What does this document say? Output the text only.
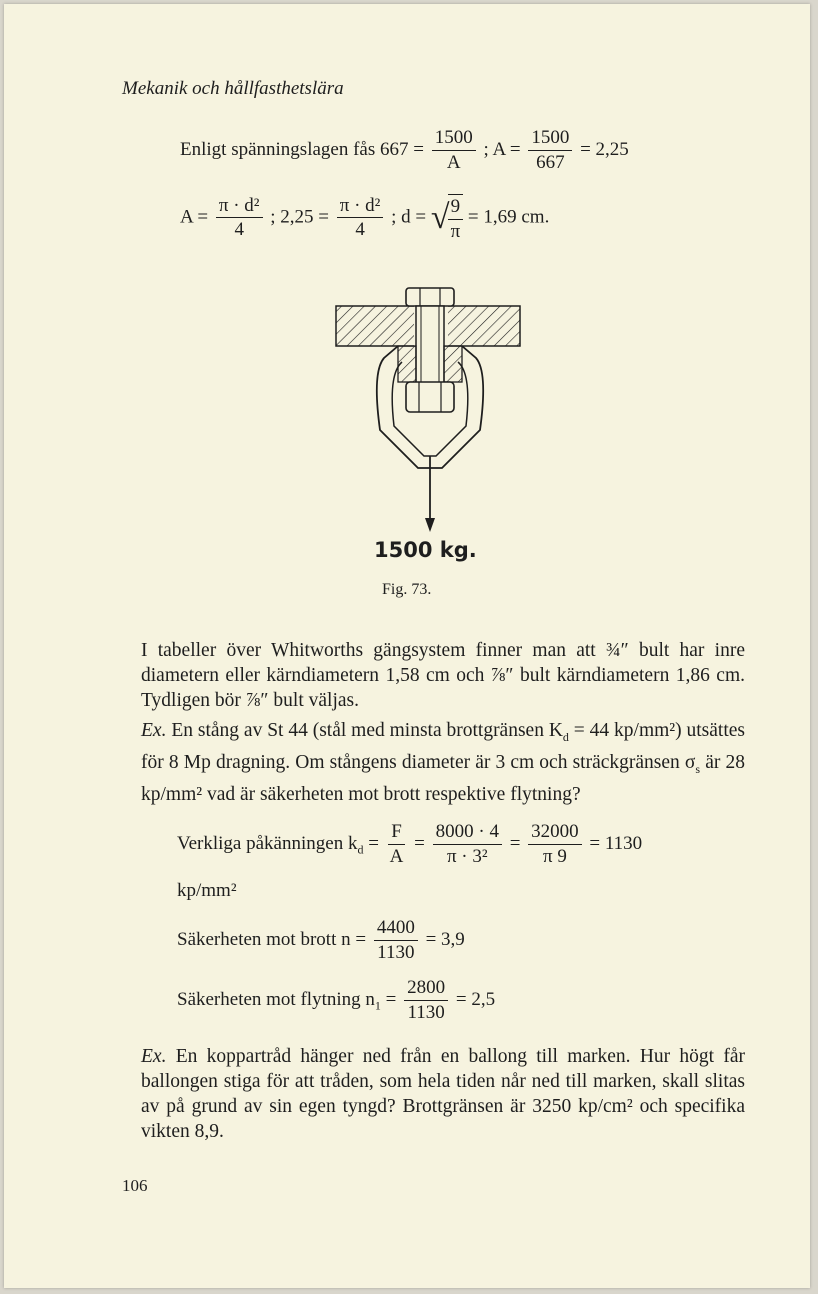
Mekanik och hållfasthetslära
Enligt spänningslagen fås $667 = \frac{1500}{A}$ ; $A = \frac{1500}{667} = 2,25$
$A = \frac{\text{π · d²}}{4}$ ; $2,25 = \frac{\text{π · d²}}{4}$ ; d = √
$\frac{9}{\pi} = 1,69$ cm.
1500 kg.
Fig. 73.
I tabeller över Whitworths gängsystem finner man att ¾″ bult har inre diametern eller kärndiametern 1,58 cm och ⅞″ bult kärndiametern 1,86 cm. Tydligen bör ⅞″ bult väljas.
Ex. En stång av St 44 (stål med minsta brottgränsen $K_d = 44$ kp/mm²) utsättes för 8 Mp dragning. Om stångens diameter är 3 cm och sträckgränsen $\sigma_s$ är 28 kp/mm² vad är säkerheten mot brott respektive flytning?
Verkliga påkänningen $k_d = \frac{F}{A} = \frac{8000 \cdot 4}{\text{π · 3²}} = \frac{32000}{\pi 9} = 1130$
kp/mm²
Säkerheten mot brott $n = \frac{4400}{1130} = 3,9$
Säkerheten mot flytning $n_1 = \frac{2800}{1130} = 2,5$
Ex. En koppartråd hänger ned från en ballong till marken. Hur högt får ballongen stiga för att tråden, som hela tiden når ned till marken, skall slitas av på grund av sin egen tyngd? Brottgränsen är 3250 kp/cm² och specifika vikten 8,9.
106
